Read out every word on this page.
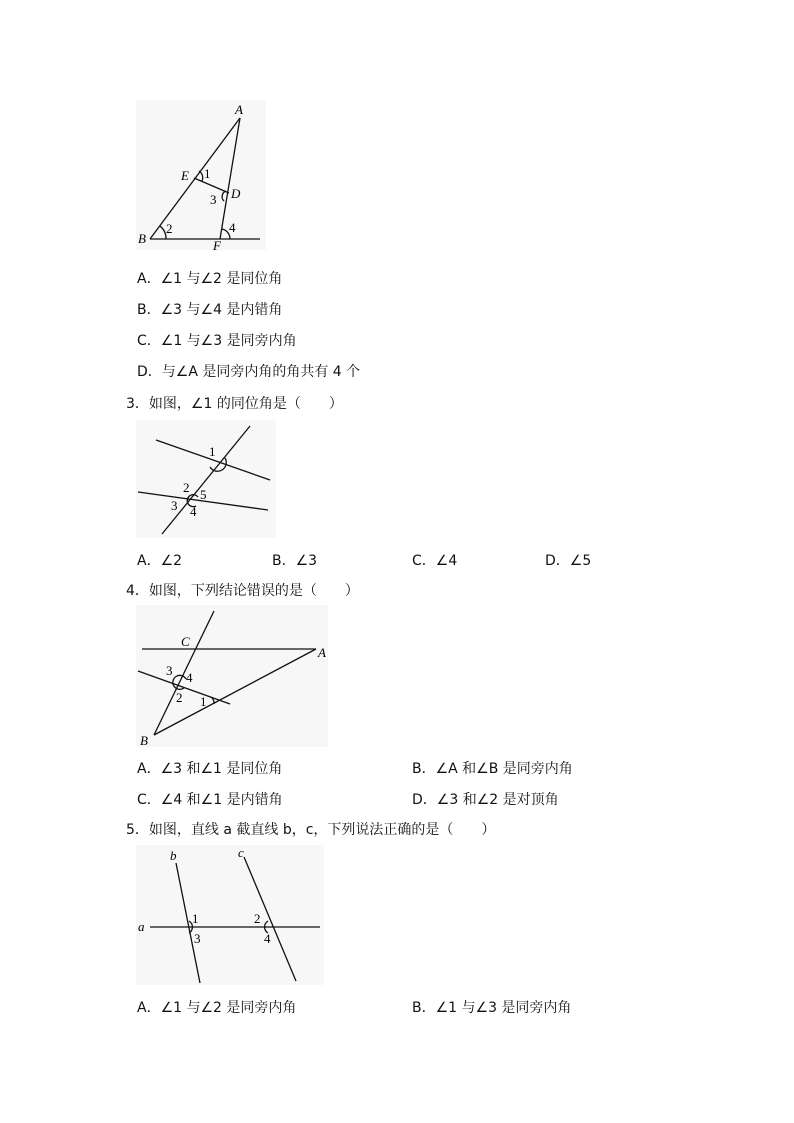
A
E 1
D
3
B
2	4
F
A．∠1 与∠2 是同位角
B．∠3 与∠4 是内错角
C．∠1 与∠3 是同旁内角
D．与∠A 是同旁内角的角共有 4 个
3．如图，∠1 的同位角是（　　）
1
2 5
3 4
A．∠2	B．∠3	C．∠4	D．∠5
4．如图，下列结论错误的是（　　）
C
A
3 4
2 1
B
A．∠3 和∠1 是同位角	B．∠A 和∠B 是同旁内角
C．∠4 和∠1 是内错角	D．∠3 和∠2 是对顶角
5．如图，直线 a 截直线 b，c，下列说法正确的是（　　）
a
b	c
1
3
2
4
A．∠1 与∠2 是同旁内角	B．∠1 与∠3 是同旁内角
